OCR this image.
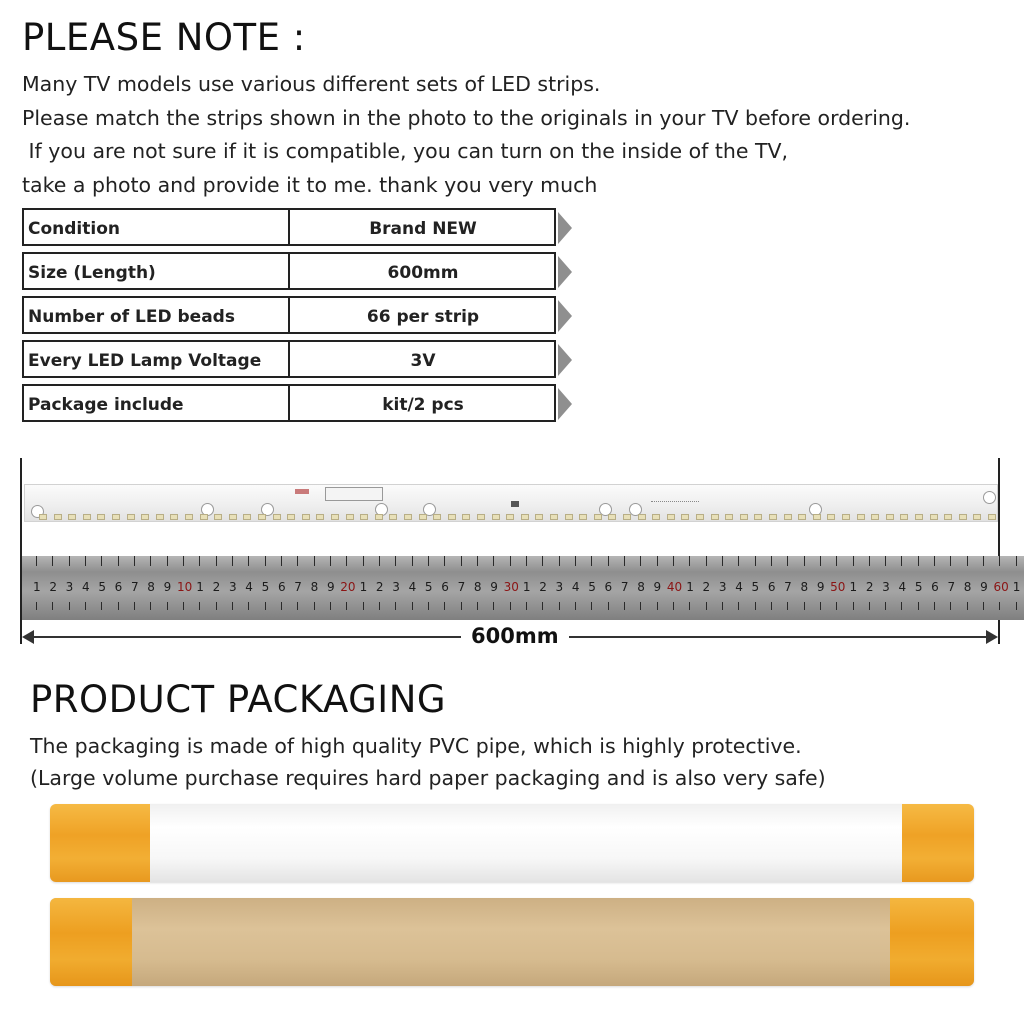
PLEASE NOTE :
Many TV models use various different sets of LED strips.
Please match the strips shown in the photo to the originals in your TV before ordering.
If you are not sure if it is compatible, you can turn on the inside of the TV,
take a photo and provide it to me. thank you very much
Condition	Brand NEW
Size (Length)	600mm
Number of LED beads	66 per strip
Every LED Lamp Voltage	3V
Package include	kit/2 pcs
1 2 3 4 5 6 7 8 9 10 1 2 3 4 5 6 7 8 9 20 1 2 3 4 5 6 7 8 9 30 1 2 3 4 5 6 7 8 9 40 1 2 3 4 5 6 7 8 9 50 1 2 3 4 5 6 7 8 9 60 1
600mm
PRODUCT PACKAGING
The packaging is made of high quality PVC pipe, which is highly protective.
(Large volume purchase requires hard paper packaging and is also very safe)
